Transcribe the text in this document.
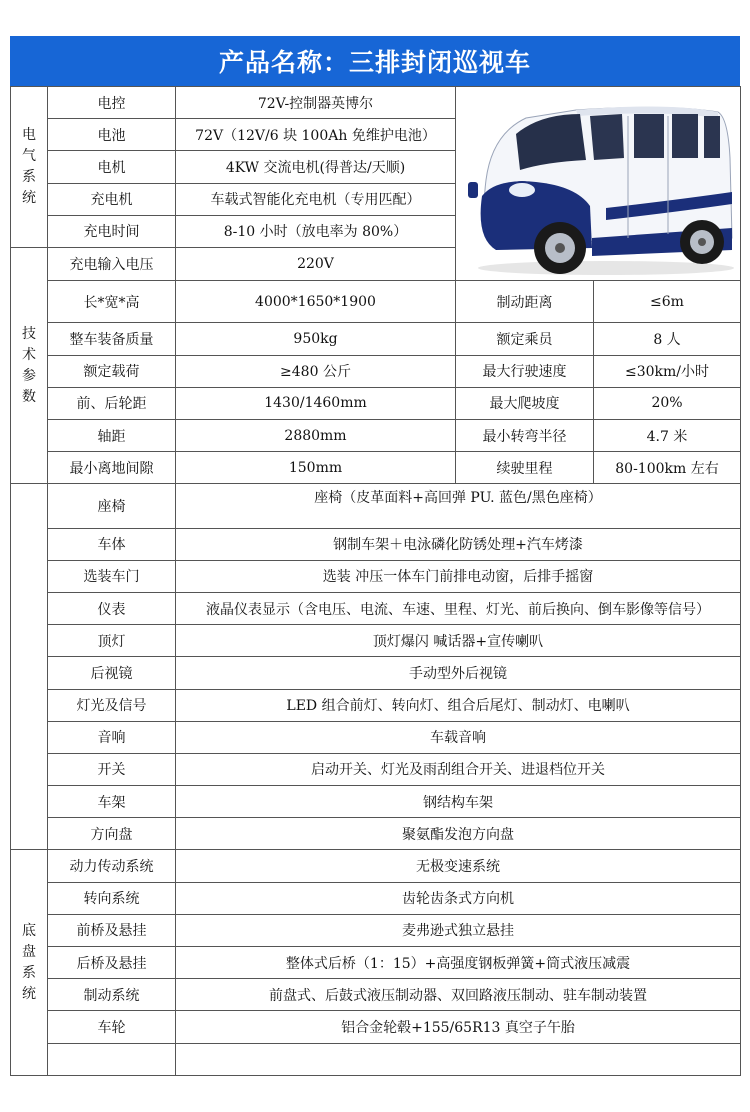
产品名称：三排封闭巡视车
电气系统	电控	72V-控制器英博尔	

	电池	72V（12V/6 块 100Ah 免维护电池）		
	电机	4KW 交流电机(得普达/天顺)		
	充电机	车载式智能化充电机（专用匹配）		
	充电时间	8-10 小时（放电率为 80%）		
技术参数	充电输入电压	220V		
	长*宽*高	4000*1650*1900	制动距离	≤6m
	整车装备质量	950kg	额定乘员	8 人
	额定载荷	≥480 公斤	最大行驶速度	≤30km/小时
	前、后轮距	1430/1460mm	最大爬坡度	20%
	轴距	2880mm	最小转弯半径	4.7 米
	最小离地间隙	150mm	续驶里程	80-100km 左右
	座椅	座椅（皮革面料+高回弹 PU. 蓝色/黑色座椅）		
	车体	钢制车架＋电泳磷化防锈处理+汽车烤漆		
	选装车门	选装 冲压一体车门前排电动窗，后排手摇窗		
	仪表	液晶仪表显示（含电压、电流、车速、里程、灯光、前后换向、倒车影像等信号）		
	顶灯	顶灯爆闪 喊话器+宣传喇叭		
	后视镜	手动型外后视镜		
	灯光及信号	LED 组合前灯、转向灯、组合后尾灯、制动灯、电喇叭		
	音响	车载音响		
	开关	启动开关、灯光及雨刮组合开关、进退档位开关		
	车架	钢结构车架		
	方向盘	聚氨酯发泡方向盘		
底盘系统	动力传动系统	无极变速系统		
	转向系统	齿轮齿条式方向机		
	前桥及悬挂	麦弗逊式独立悬挂		
	后桥及悬挂	整体式后桥（1：15）+高强度钢板弹簧+筒式液压减震		
	制动系统	前盘式、后鼓式液压制动器、双回路液压制动、驻车制动装置		
	车轮	铝合金轮毂+155/65R13 真空子午胎		
